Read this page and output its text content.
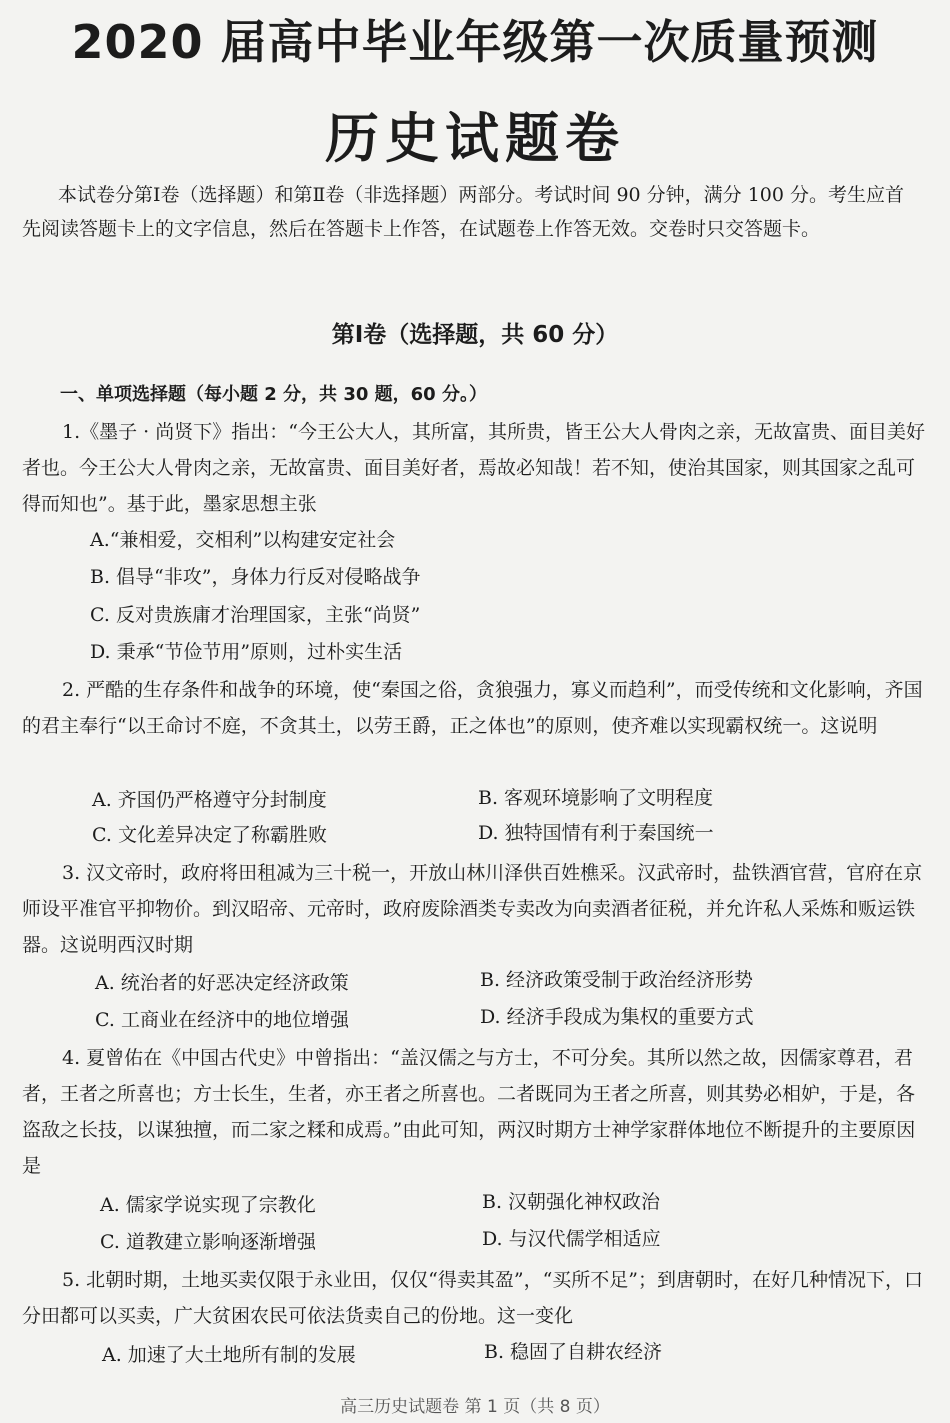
2020 届高中毕业年级第一次质量预测
历史试题卷
本试卷分第Ⅰ卷（选择题）和第Ⅱ卷（非选择题）两部分。考试时间 90 分钟，满分 100 分。考生应首先阅读答题卡上的文字信息，然后在答题卡上作答，在试题卷上作答无效。交卷时只交答题卡。
第Ⅰ卷（选择题，共 60 分）
一、单项选择题（每小题 2 分，共 30 题，60 分。）
1.《墨子 · 尚贤下》指出：“今王公大人，其所富，其所贵，皆王公大人骨肉之亲，无故富贵、面目美好者也。今王公大人骨肉之亲，无故富贵、面目美好者，焉故必知哉！若不知，使治其国家，则其国家之乱可得而知也”。基于此，墨家思想主张
A.“兼相爱，交相利”以构建安定社会
B. 倡导“非攻”，身体力行反对侵略战争
C. 反对贵族庸才治理国家，主张“尚贤”
D. 秉承“节俭节用”原则，过朴实生活
2. 严酷的生存条件和战争的环境，使“秦国之俗，贪狼强力，寡义而趋利”，而受传统和文化影响，齐国的君主奉行“以王命讨不庭，不贪其土，以劳王爵，正之体也”的原则，使齐难以实现霸权统一。这说明
A. 齐国仍严格遵守分封制度	B. 客观环境影响了文明程度
C. 文化差异决定了称霸胜败	D. 独特国情有利于秦国统一
3. 汉文帝时，政府将田租减为三十税一，开放山林川泽供百姓樵采。汉武帝时，盐铁酒官营，官府在京师设平准官平抑物价。到汉昭帝、元帝时，政府废除酒类专卖改为向卖酒者征税，并允许私人采炼和贩运铁器。这说明西汉时期
A. 统治者的好恶决定经济政策	B. 经济政策受制于政治经济形势
C. 工商业在经济中的地位增强	D. 经济手段成为集权的重要方式
4. 夏曾佑在《中国古代史》中曾指出：“盖汉儒之与方士，不可分矣。其所以然之故，因儒家尊君，君者，王者之所喜也；方士长生，生者，亦王者之所喜也。二者既同为王者之所喜，则其势必相妒，于是，各盗敌之长技，以谋独擅，而二家之糅和成焉。”由此可知，两汉时期方士神学家群体地位不断提升的主要原因是
A. 儒家学说实现了宗教化	B. 汉朝强化神权政治
C. 道教建立影响逐渐增强	D. 与汉代儒学相适应
5. 北朝时期，土地买卖仅限于永业田，仅仅“得卖其盈”，“买所不足”；到唐朝时，在好几种情况下，口分田都可以买卖，广大贫困农民可依法货卖自己的份地。这一变化
A. 加速了大土地所有制的发展	B. 稳固了自耕农经济
高三历史试题卷 第 1 页（共 8 页）
